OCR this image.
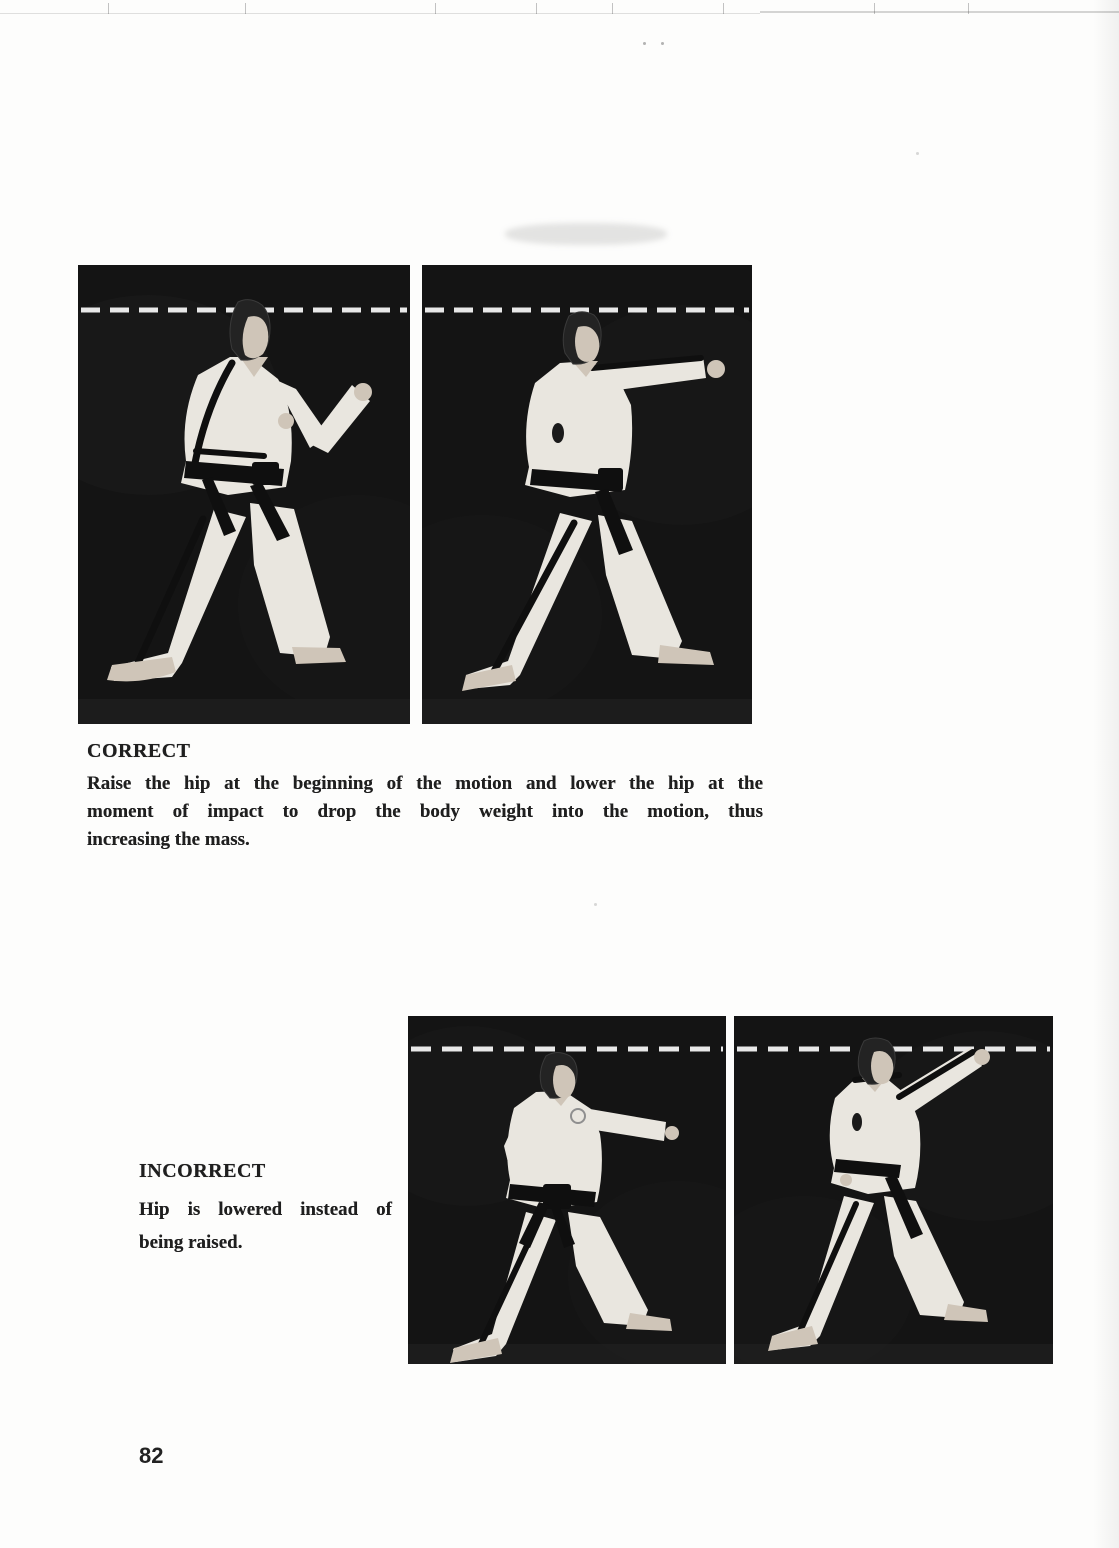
CORRECT
Raise the hip at the beginning of the motion and lower the hip at the
moment of impact to drop the body weight into the motion, thus
increasing the mass.
INCORRECT
Hip is lowered instead of
being raised.
82
